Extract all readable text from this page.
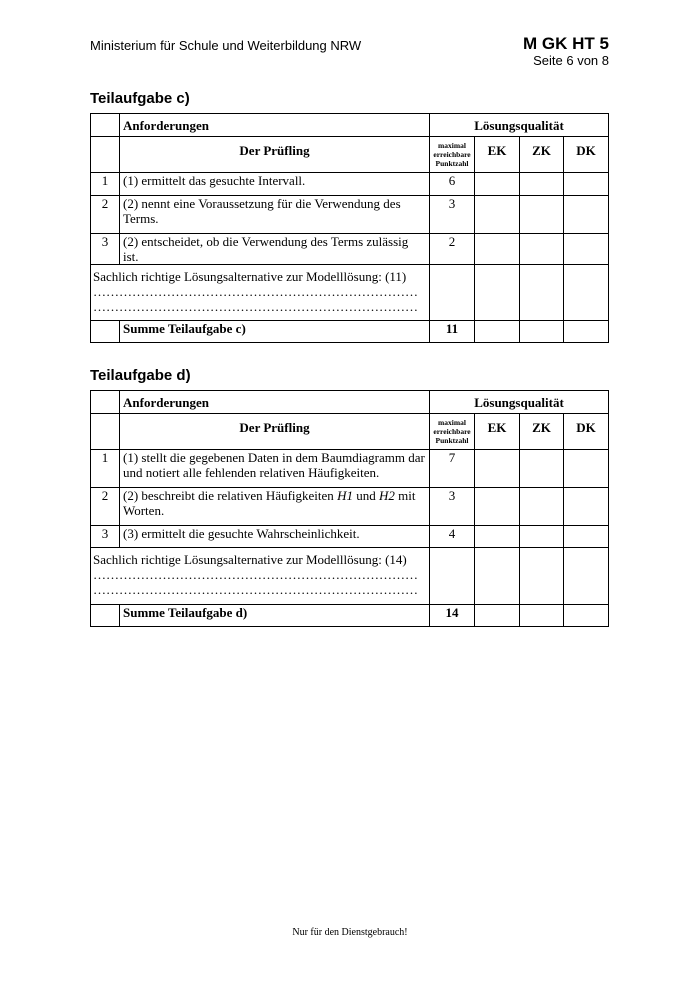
Ministerium für Schule und Weiterbildung NRW	M GK HT 5
Seite 6 von 8
Teilaufgabe c)
	Anforderungen	Lösungsqualität			
	Der Prüfling	maximal
erreichbare
Punktzahl	EK	ZK	DK
1	(1) ermittelt das gesuchte Intervall.	6			
2	(2) nennt eine Voraussetzung für die Verwendung des Terms.	3			
3	(2) entscheidet, ob die Verwendung des Terms zulässig ist.	2			

Sachlich richtige Lösungsalternative zur Modelllösung: (11)
…………………………………………………………………
…………………………………………………………………					

	Summe Teilaufgabe c)	11			
Teilaufgabe d)
	Anforderungen	Lösungsqualität			
	Der Prüfling	maximal
erreichbare
Punktzahl	EK	ZK	DK
1	(1) stellt die gegebenen Daten in dem Baumdiagramm dar und notiert alle fehlenden relativen Häufigkeiten.	7			
2	(2) beschreibt die relativen Häufigkeiten H1 und H2 mit Worten.	3			
3	(3) ermittelt die gesuchte Wahrscheinlichkeit.	4			

Sachlich richtige Lösungsalternative zur Modelllösung: (14)
…………………………………………………………………
…………………………………………………………………					

	Summe Teilaufgabe d)	14			
Nur für den Dienstgebrauch!
